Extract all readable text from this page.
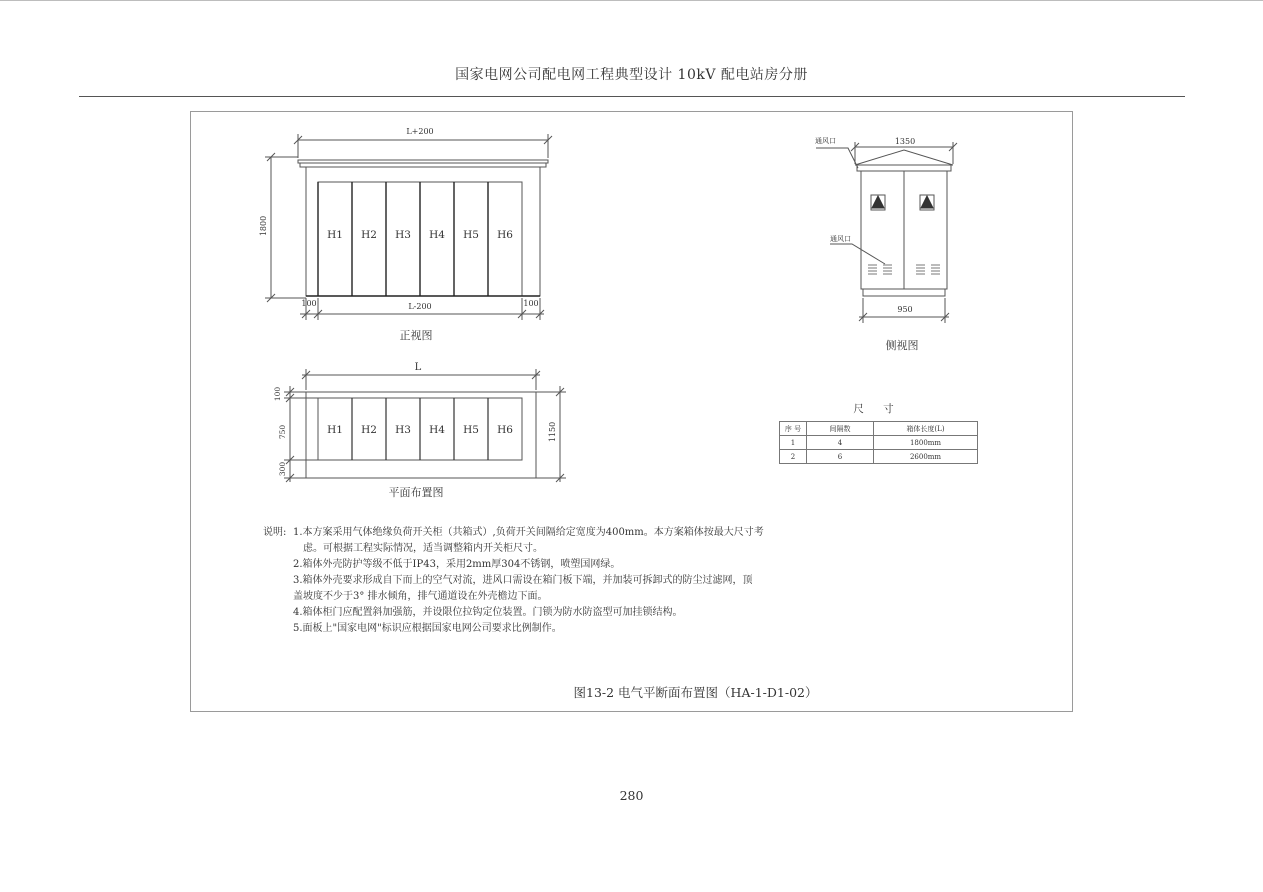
国家电网公司配电网工程典型设计 10kV 配电站房分册
H1 H2 H3 H4 H5 H6
L+200
1800
100	L-200	100
正视图
H1 H2 H3 H4 H5 H6
L
100
750
300
1150
平面布置图
通风口
通风口
1350
950
侧视图
尺 寸
序 号	间隔数	箱体长度(L)
1	4	1800mm
2	6	2600mm
说明: 1.本方案采用气体绝缘负荷开关柜（共箱式）,负荷开关间隔给定宽度为400mm。本方案箱体按最大尺寸考
虑。可根据工程实际情况，适当调整箱内开关柜尺寸。
2.箱体外壳防护等级不低于IP43，采用2mm厚304不锈钢，喷塑国网绿。
3.箱体外壳要求形成自下而上的空气对流，进风口需设在箱门板下端，并加装可拆卸式的防尘过滤网，顶
盖坡度不少于3° 排水倾角，排气通道设在外壳檐边下面。
4.箱体柜门应配置斜加强筋，并设限位拉钩定位装置。门锁为防水防盗型可加挂锁结构。
5.面板上"国家电网"标识应根据国家电网公司要求比例制作。
图13-2 电气平断面布置图（HA-1-D1-02）
280
